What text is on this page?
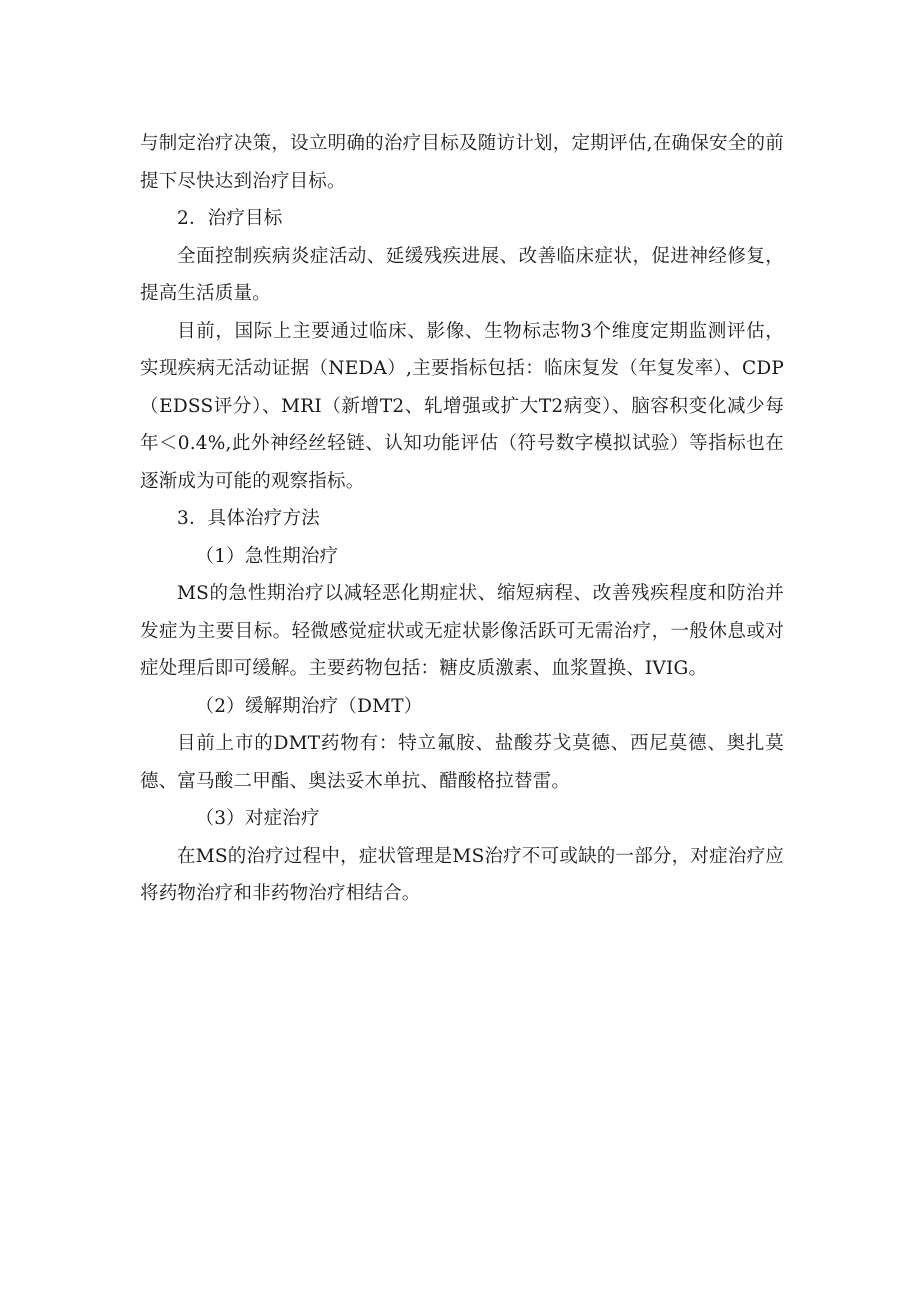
与制定治疗决策，设立明确的治疗目标及随访计划，定期评估,在确保安全的前提下尽快达到治疗目标。

2．治疗目标

全面控制疾病炎症活动、延缓残疾进展、改善临床症状，促进神经修复，提高生活质量。

目前，国际上主要通过临床、影像、生物标志物3个维度定期监测评估，实现疾病无活动证据（NEDA）,主要指标包括：临床复发（年复发率）、CDP（EDSS评分）、MRI（新增T2、轧增强或扩大T2病变）、脑容积变化减少每年＜0.4%,此外神经丝轻链、认知功能评估（符号数字模拟试验）等指标也在逐渐成为可能的观察指标。

3．具体治疗方法

（1）急性期治疗

MS的急性期治疗以减轻恶化期症状、缩短病程、改善残疾程度和防治并发症为主要目标。轻微感觉症状或无症状影像活跃可无需治疗，一般休息或对症处理后即可缓解。主要药物包括：糖皮质激素、血浆置换、IVIG。

（2）缓解期治疗（DMT）

目前上市的DMT药物有：特立氟胺、盐酸芬戈莫德、西尼莫德、奥扎莫德、富马酸二甲酯、奥法妥木单抗、醋酸格拉替雷。

（3）对症治疗

在MS的治疗过程中，症状管理是MS治疗不可或缺的一部分，对症治疗应将药物治疗和非药物治疗相结合。
